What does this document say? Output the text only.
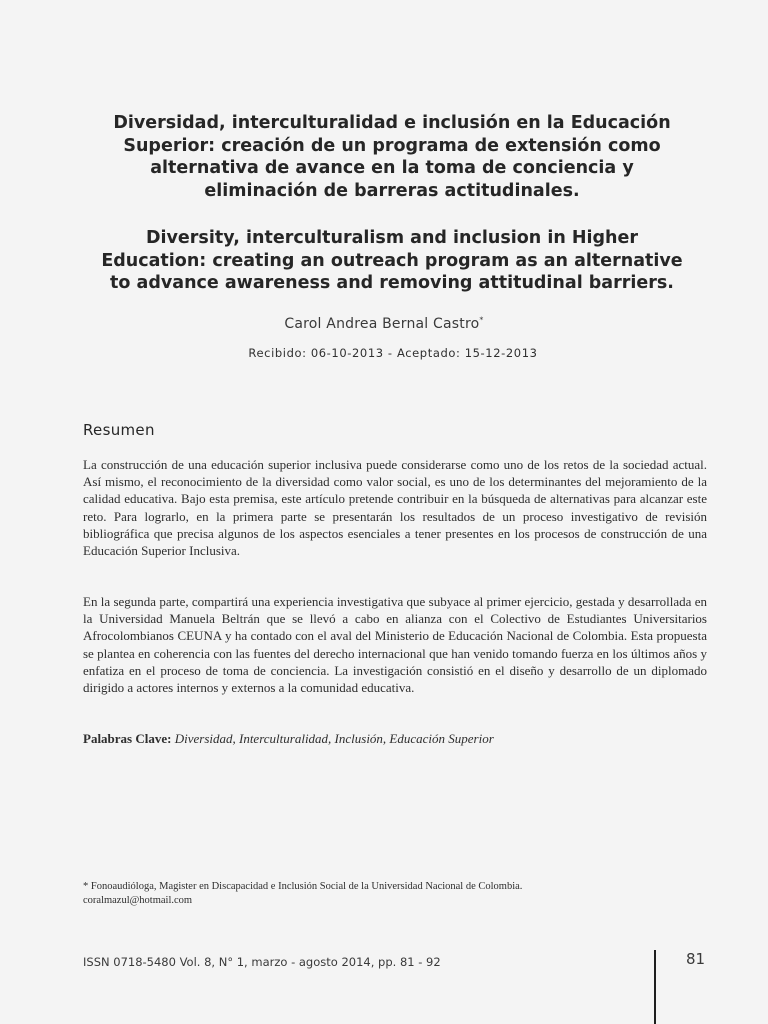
Diversidad, interculturalidad e inclusión en la Educación Superior: creación de un programa de extensión como alternativa de avance en la toma de conciencia y eliminación de barreras actitudinales.
Diversity, interculturalism and inclusion in Higher Education: creating an outreach program as an alternative to advance awareness and removing attitudinal barriers.
Carol Andrea Bernal Castro*
Recibido: 06-10-2013 - Aceptado: 15-12-2013
Resumen

La construcción de una educación superior inclusiva puede considerarse como uno de los retos de la sociedad actual. Así mismo, el reconocimiento de la diversidad como valor social, es uno de los determinantes del mejoramiento de la calidad educativa. Bajo esta premisa, este artículo pretende contribuir en la búsqueda de alternativas para alcanzar este reto. Para lograrlo, en la primera parte se presentarán los resultados de un proceso investigativo de revisión bibliográfica que precisa algunos de los aspectos esenciales a tener presentes en los procesos de construcción de una Educación Superior Inclusiva.

En la segunda parte, compartirá una experiencia investigativa que subyace al primer ejercicio, gestada y desarrollada en la Universidad Manuela Beltrán que se llevó a cabo en alianza con el Colectivo de Estudiantes Universitarios Afrocolombianos CEUNA y ha contado con el aval del Ministerio de Educación Nacional de Colombia. Esta propuesta se plantea en coherencia con las fuentes del derecho internacional que han venido tomando fuerza en los últimos años y enfatiza en el proceso de toma de conciencia. La investigación consistió en el diseño y desarrollo de un diplomado dirigido a actores internos y externos a la comunidad educativa.

Palabras Clave: Diversidad, Interculturalidad, Inclusión, Educación Superior

* Fonoaudióloga, Magister en Discapacidad e Inclusión Social de la Universidad Nacional de Colombia.
coralmazul@hotmail.com
ISSN 0718-5480 Vol. 8, N° 1, marzo - agosto 2014, pp. 81 - 92	81
